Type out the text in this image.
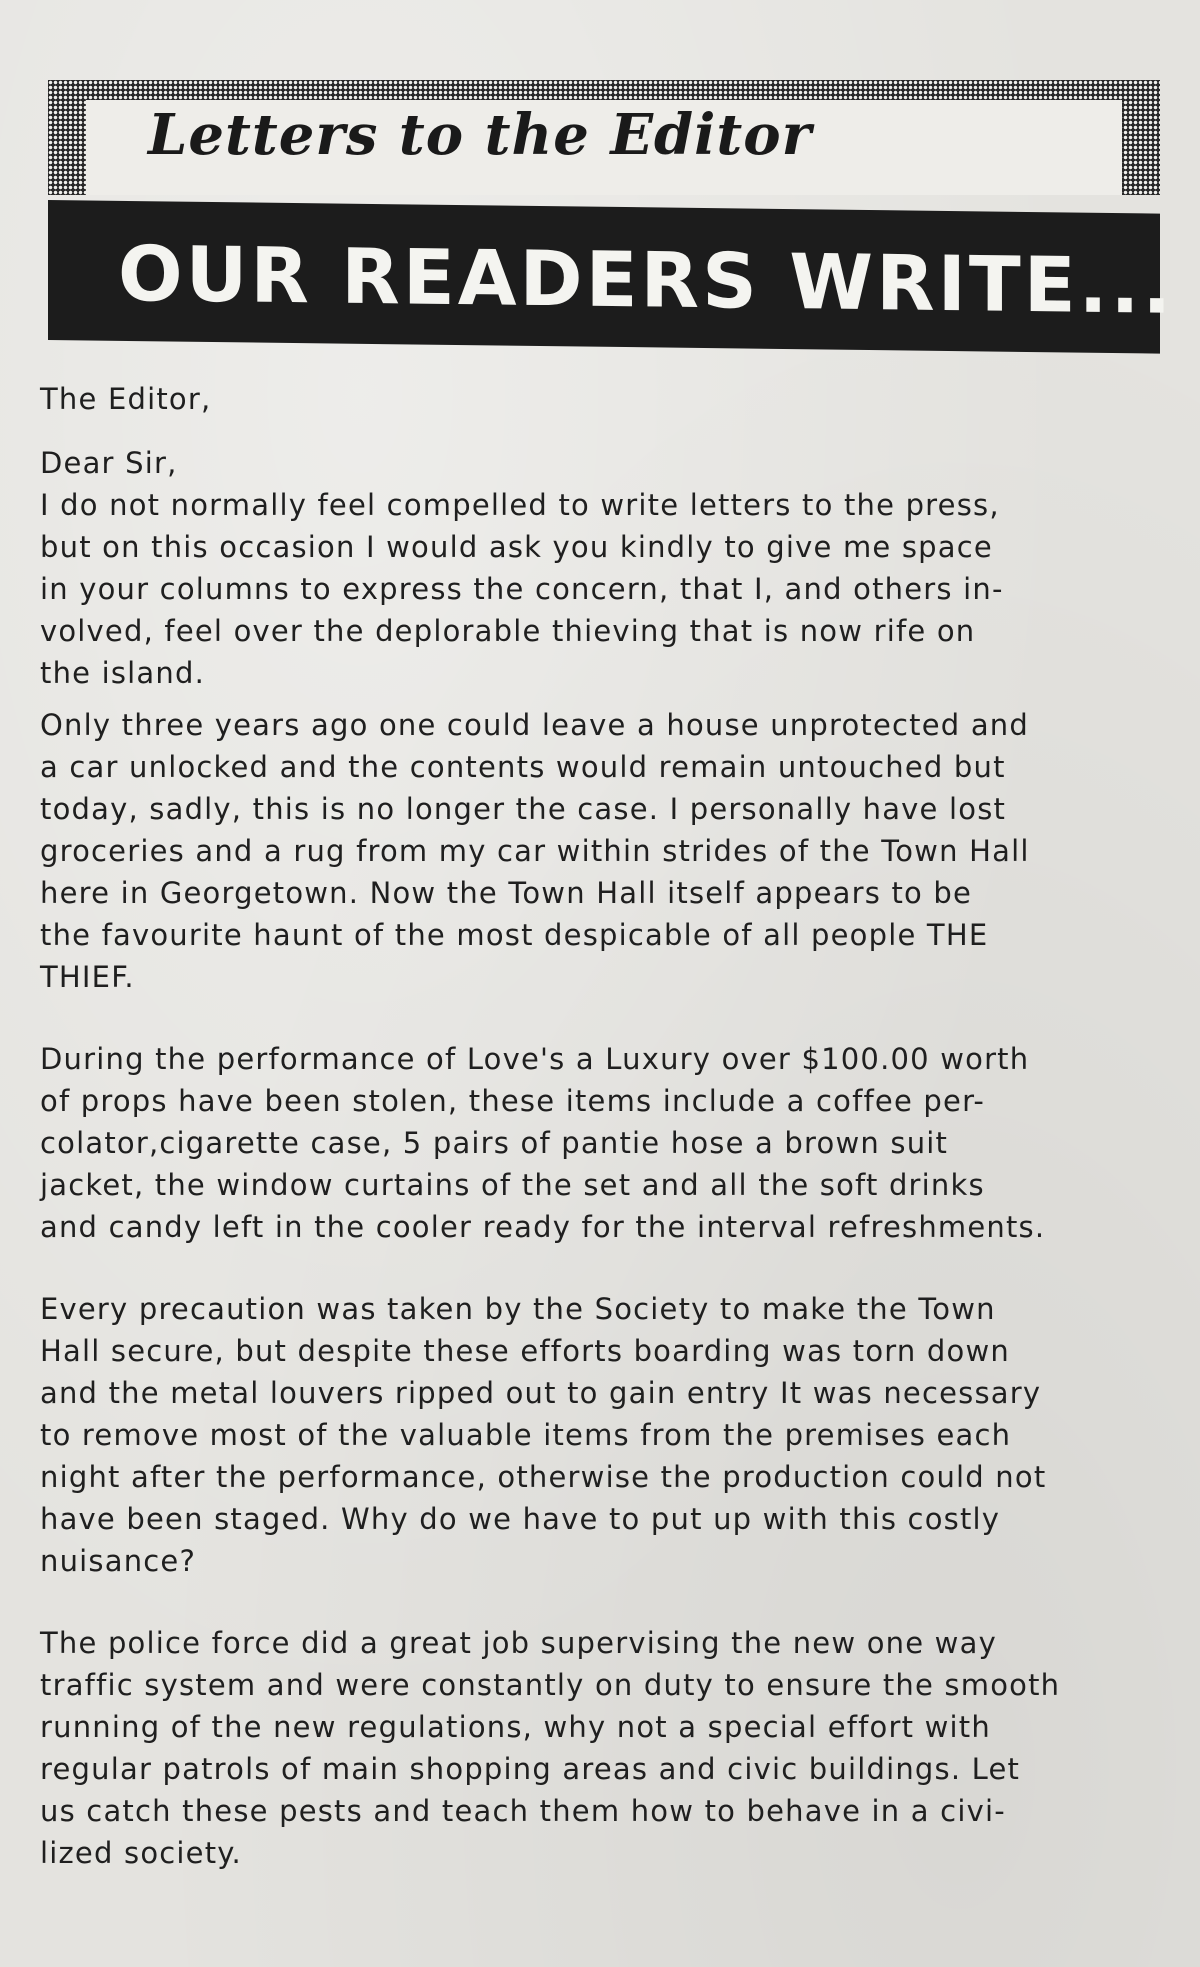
Letters to the Editor
OUR READERS WRITE...
The Editor,
Dear Sir,
I do not normally feel compelled to write letters to the press,
but on this occasion I would ask you kindly to give me space
in your columns to express the concern, that I, and others in-
volved, feel over the deplorable thieving that is now rife on
the island.
Only three years ago one could leave a house unprotected and
a car unlocked and the contents would remain untouched but
today, sadly, this is no longer the case. I personally have lost
groceries and a rug from my car within strides of the Town Hall
here in Georgetown. Now the Town Hall itself appears to be
the favourite haunt of the most despicable of all people THE
THIEF.
During the performance of Love's a Luxury over $100.00 worth
of props have been stolen, these items include a coffee per-
colator,cigarette case, 5 pairs of pantie hose a brown suit
jacket, the window curtains of the set and all the soft drinks
and candy left in the cooler ready for the interval refreshments.
Every precaution was taken by the Society to make the Town
Hall secure, but despite these efforts boarding was torn down
and the metal louvers ripped out to gain entry It was necessary
to remove most of the valuable items from the premises each
night after the performance, otherwise the production could not
have been staged. Why do we have to put up with this costly
nuisance?
The police force did a great job supervising the new one way
traffic system and were constantly on duty to ensure the smooth
running of the new regulations, why not a special effort with
regular patrols of main shopping areas and civic buildings. Let
us catch these pests and teach them how to behave in a civi-
lized society.
